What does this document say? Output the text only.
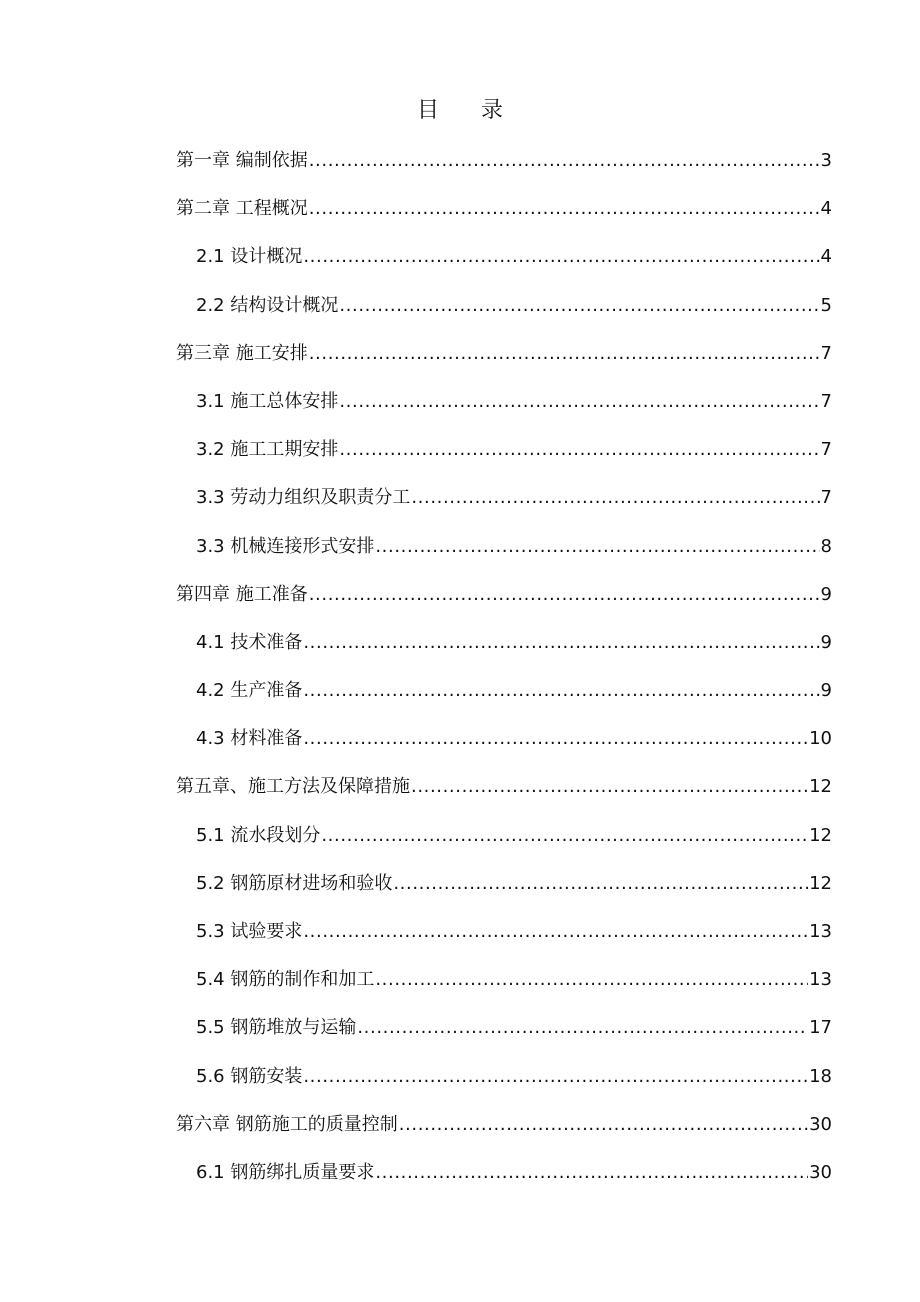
目      录
第一章 编制依据 .....	3
第二章 工程概况 .....	4
2.1 设计概况 .....	4
2.2 结构设计概况 .....	5
第三章 施工安排 .....	7
3.1 施工总体安排 .....	7
3.2 施工工期安排 .....	7
3.3 劳动力组织及职责分工 .....	7
3.3 机械连接形式安排 .....	8
第四章 施工准备 .....	9
4.1 技术准备 .....	9
4.2 生产准备 .....	9
4.3 材料准备 .....	10
第五章、施工方法及保障措施 .....	12
5.1 流水段划分 .....	12
5.2 钢筋原材进场和验收 .....	12
5.3 试验要求 .....	13
5.4 钢筋的制作和加工 .....	13
5.5 钢筋堆放与运输 .....	17
5.6 钢筋安装 .....	18
第六章 钢筋施工的质量控制 .....	30
6.1 钢筋绑扎质量要求 .....	30
